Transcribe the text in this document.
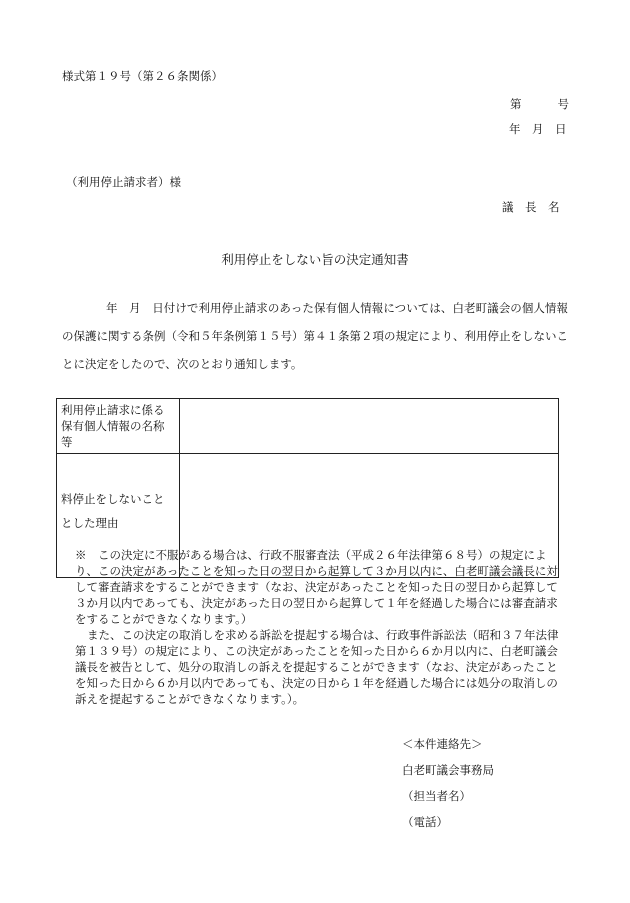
様式第１９号（第２６条関係）
第	号
年　月　日
（利用停止請求者）様
議　長　名
利用停止をしない旨の決定通知書
年　月　日付けで利用停止請求のあった保有個人情報については、白老町議会の個人情報の保護に関する条例（令和５年条例第１５号）第４１条第２項の規定により、利用停止をしないことに決定をしたので、次のとおり通知します。
利用停止請求に係る保有個人情報の名称等	
料停止をしないこととした理由	

※　この決定に不服がある場合は、行政不服審査法（平成２６年法律第６８号）の規定により、この決定があったことを知った日の翌日から起算して３か月以内に、白老町議会議長に対して審査請求をすることができます（なお、決定があったことを知った日の翌日から起算して３か月以内であっても、決定があった日の翌日から起算して１年を経過した場合には審査請求をすることができなくなります。）

また、この決定の取消しを求める訴訟を提起する場合は、行政事件訴訟法（昭和３７年法律第１３９号）の規定により、この決定があったことを知った日から６か月以内に、白老町議会議長を被告として、処分の取消しの訴えを提起することができます（なお、決定があったことを知った日から６か月以内であっても、決定の日から１年を経過した場合には処分の取消しの訴えを提起することができなくなります。）。

＜本件連絡先＞
白老町議会事務局
（担当者名）
（電話）
